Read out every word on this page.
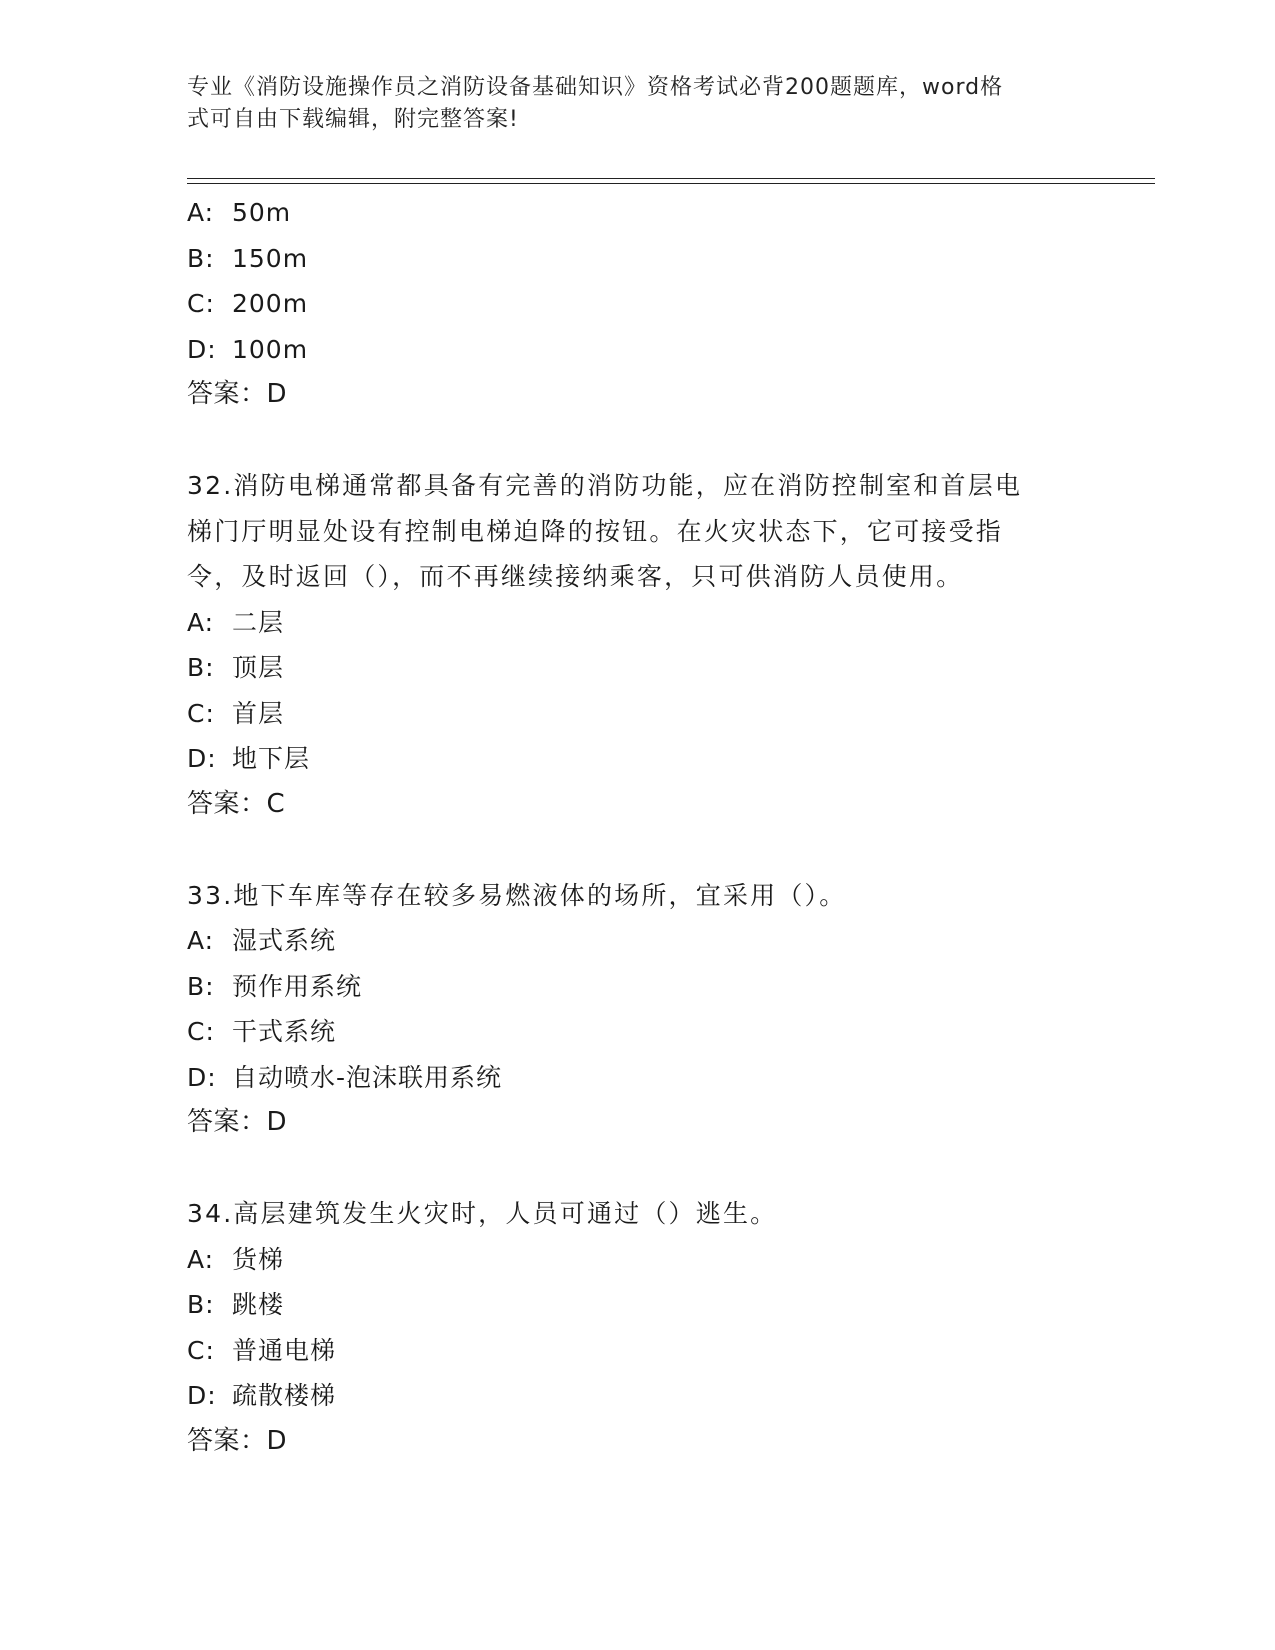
专业《消防设施操作员之消防设备基础知识》资格考试必背200题题库，word格
式可自由下载编辑，附完整答案!
A: 50m
B: 150m
C: 200m
D: 100m
答案：D
32.消防电梯通常都具备有完善的消防功能，应在消防控制室和首层电
梯门厅明显处设有控制电梯迫降的按钮。在火灾状态下，它可接受指
令，及时返回（），而不再继续接纳乘客，只可供消防人员使用。
A: 二层
B: 顶层
C: 首层
D: 地下层
答案：C
33.地下车库等存在较多易燃液体的场所，宜采用（）。
A: 湿式系统
B: 预作用系统
C: 干式系统
D: 自动喷水-泡沫联用系统
答案：D
34.高层建筑发生火灾时，人员可通过（）逃生。
A: 货梯
B: 跳楼
C: 普通电梯
D: 疏散楼梯
答案：D
